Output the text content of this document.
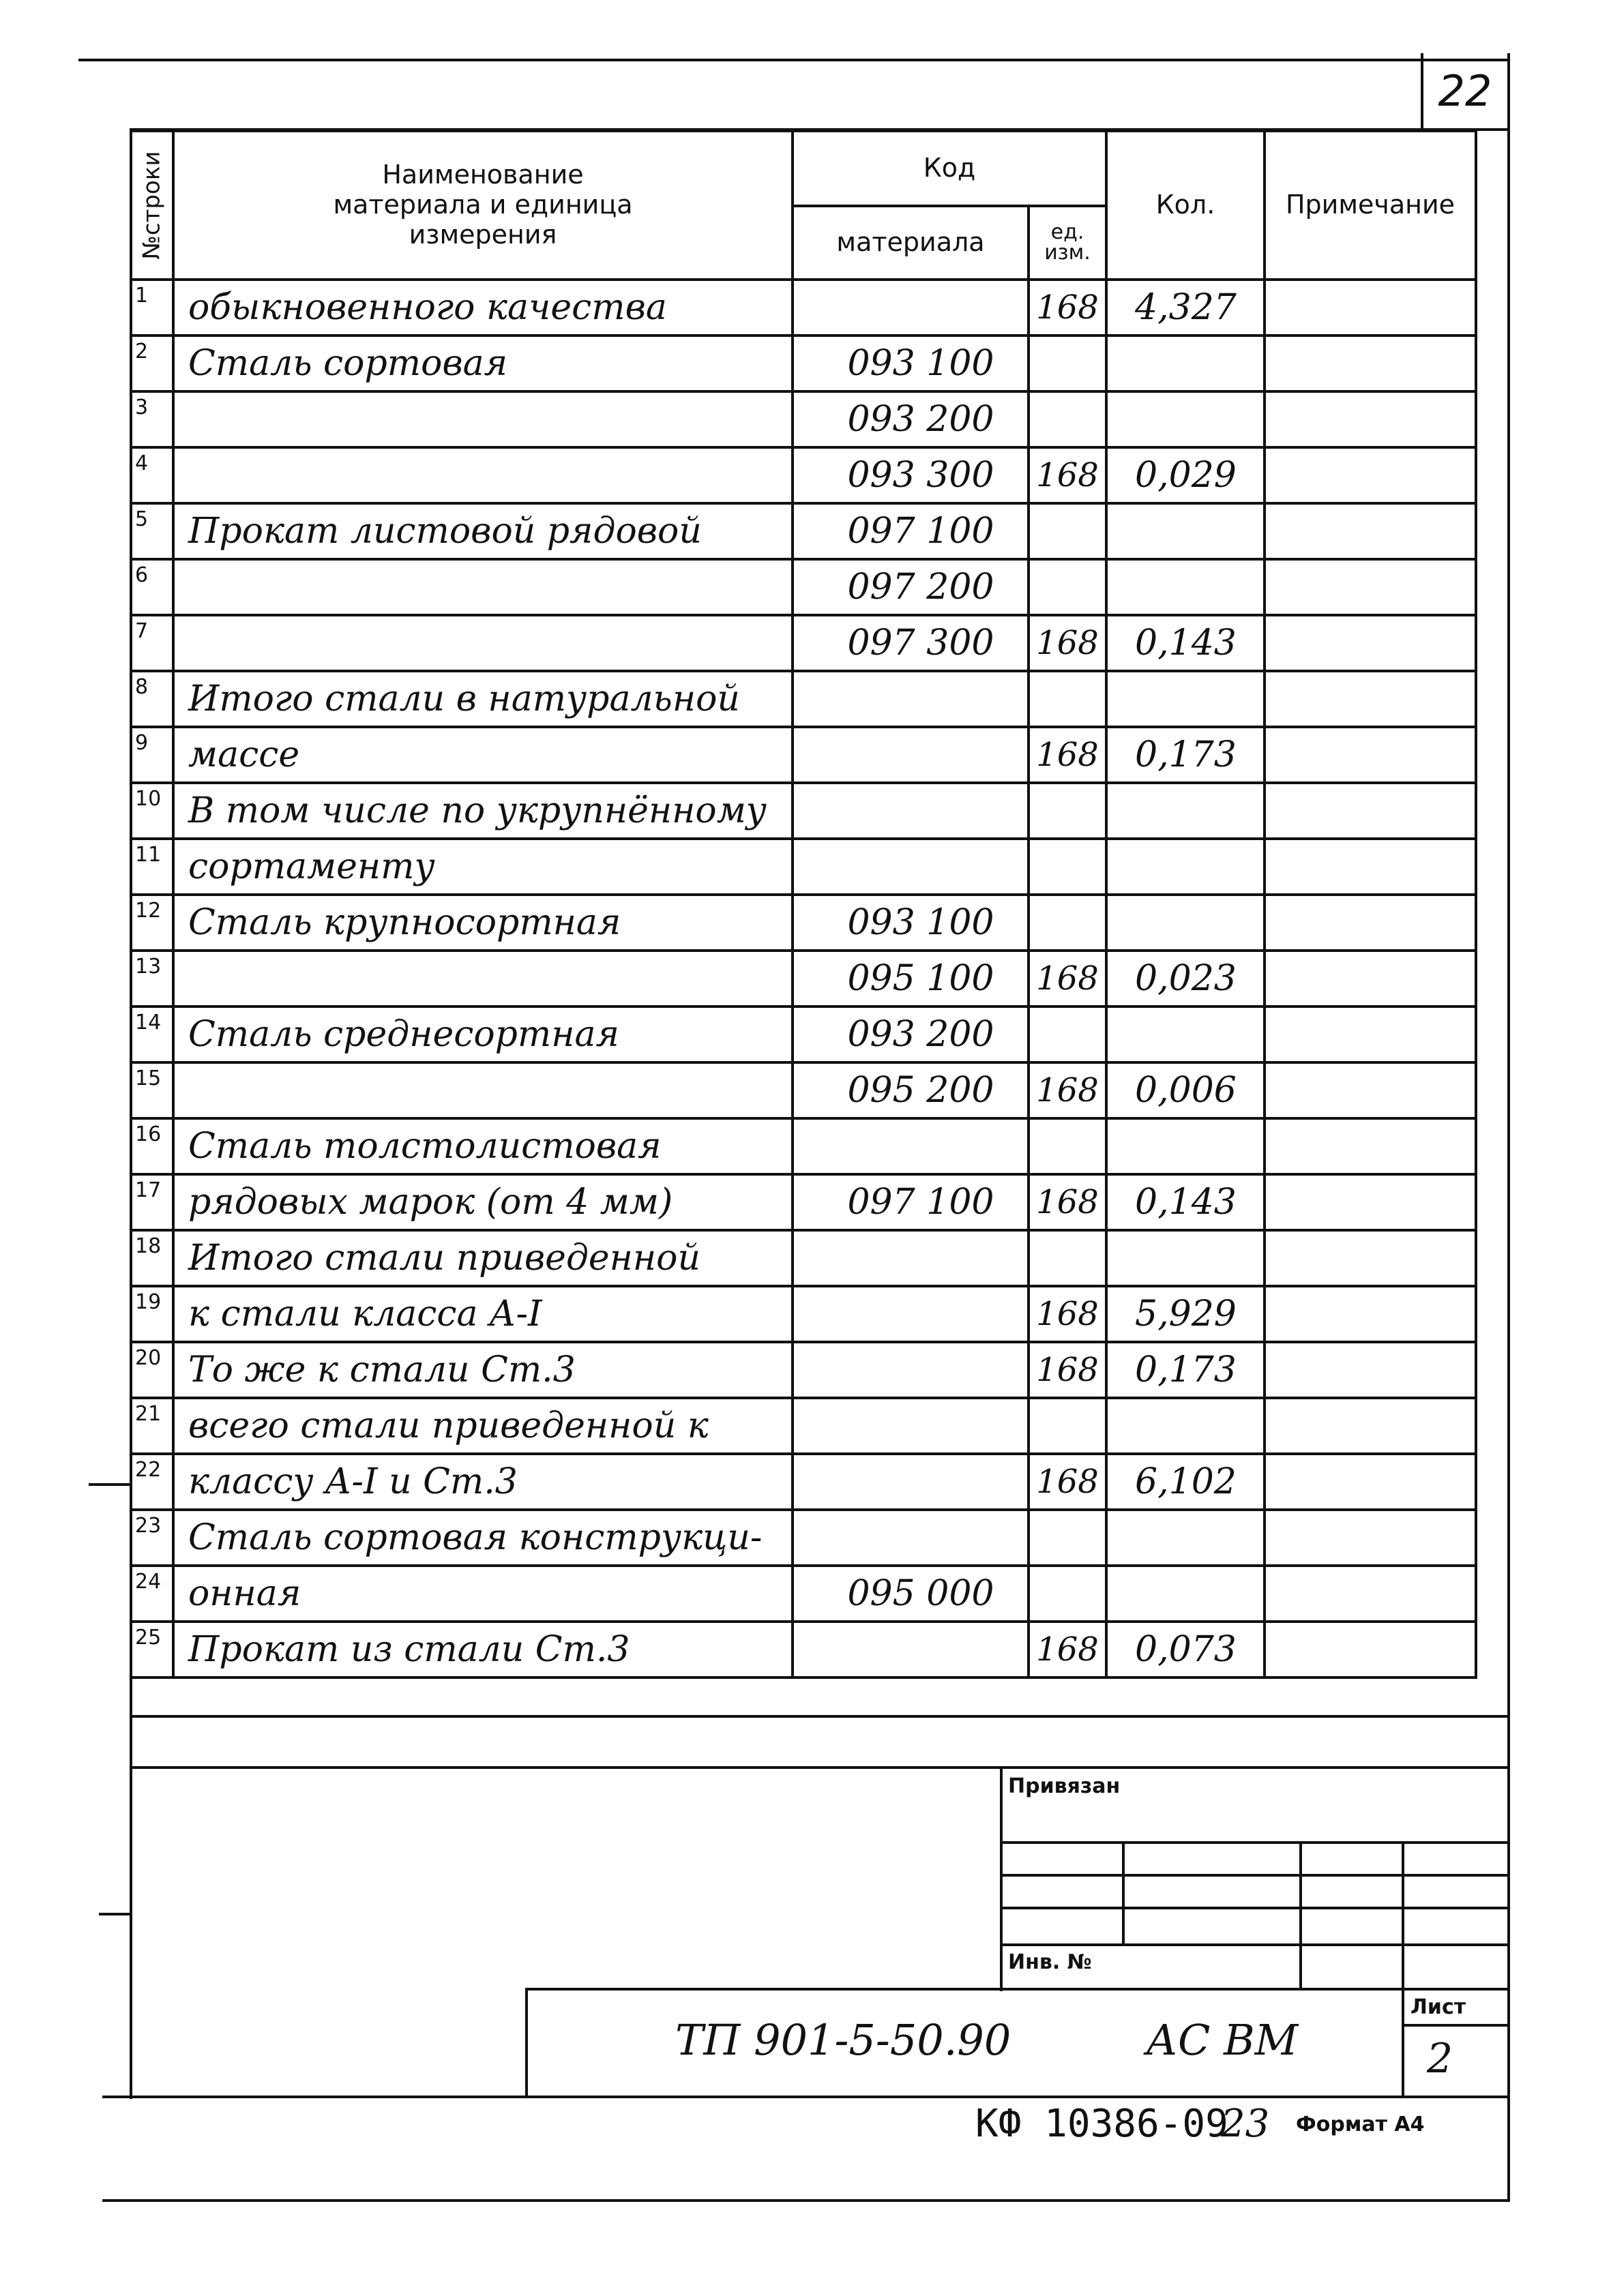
22
№строки	Наименование материала и единица измерения	Код		Кол.	Примечание
		материала	ед. изм.		

1	обыкновенного качества		168	4,327	
2	Сталь сортовая	093 100			
3		093 200			
4		093 300	168	0,029	
5	Прокат листовой рядовой	097 100			
6		097 200			
7		097 300	168	0,143	
8	Итого стали в натуральной				
9	массе		168	0,173	
10	В том числе по укрупнённому				
11	сортаменту				
12	Сталь крупносортная	093 100			
13		095 100	168	0,023	
14	Сталь среднесортная	093 200			
15		095 200	168	0,006	
16	Сталь толстолистовая				
17	рядовых марок (от 4 мм)	097 100	168	0,143	
18	Итого стали приведенной				
19	к стали класса А-I		168	5,929	
20	То же к стали Ст.3		168	0,173	
21	всего стали приведенной к				
22	классу А-I и Ст.3		168	6,102	
23	Сталь сортовая конструкци-				
24	онная	095 000			
25	Прокат из стали Ст.3		168	0,073	
Привязан
Инв. №
ТП 901-5-50.90	АС ВМ
Лист
2
КФ 10386-09
23 Формат А4
